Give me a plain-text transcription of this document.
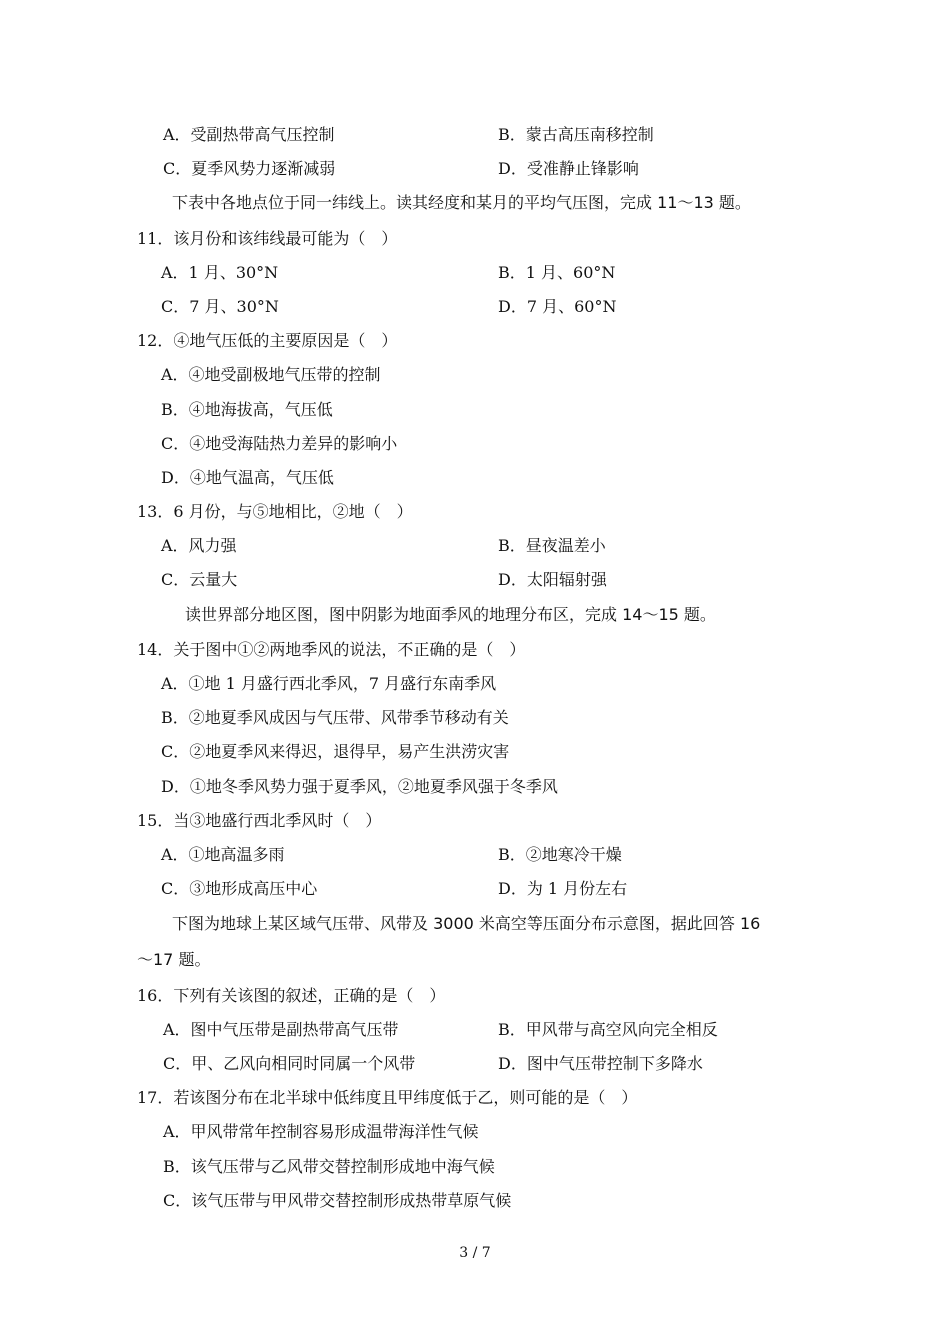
A．受副热带高气压控制	B．蒙古高压南移控制
C．夏季风势力逐渐减弱	D．受准静止锋影响
下表中各地点位于同一纬线上。读其经度和某月的平均气压图，完成 11～13 题。
11．该月份和该纬线最可能为（　）
A．1 月、30°N	B．1 月、60°N
C．7 月、30°N	D．7 月、60°N
12．④地气压低的主要原因是（　）
A．④地受副极地气压带的控制
B．④地海拔高，气压低
C．④地受海陆热力差异的影响小
D．④地气温高，气压低
13．6 月份，与⑤地相比，②地（　）
A．风力强	B．昼夜温差小
C．云量大	D．太阳辐射强
读世界部分地区图，图中阴影为地面季风的地理分布区，完成 14～15 题。
14．关于图中①②两地季风的说法，不正确的是（　）
A．①地 1 月盛行西北季风，7 月盛行东南季风
B．②地夏季风成因与气压带、风带季节移动有关
C．②地夏季风来得迟，退得早，易产生洪涝灾害
D．①地冬季风势力强于夏季风，②地夏季风强于冬季风
15．当③地盛行西北季风时（　）
A．①地高温多雨	B．②地寒冷干燥
C．③地形成高压中心	D．为 1 月份左右
下图为地球上某区域气压带、风带及 3000 米高空等压面分布示意图，据此回答 16
～17 题。
16．下列有关该图的叙述，正确的是（　）
A．图中气压带是副热带高气压带	B．甲风带与高空风向完全相反
C．甲、乙风向相同时同属一个风带	D．图中气压带控制下多降水
17．若该图分布在北半球中低纬度且甲纬度低于乙，则可能的是（　）
A．甲风带常年控制容易形成温带海洋性气候
B．该气压带与乙风带交替控制形成地中海气候
C．该气压带与甲风带交替控制形成热带草原气候
3 / 7
